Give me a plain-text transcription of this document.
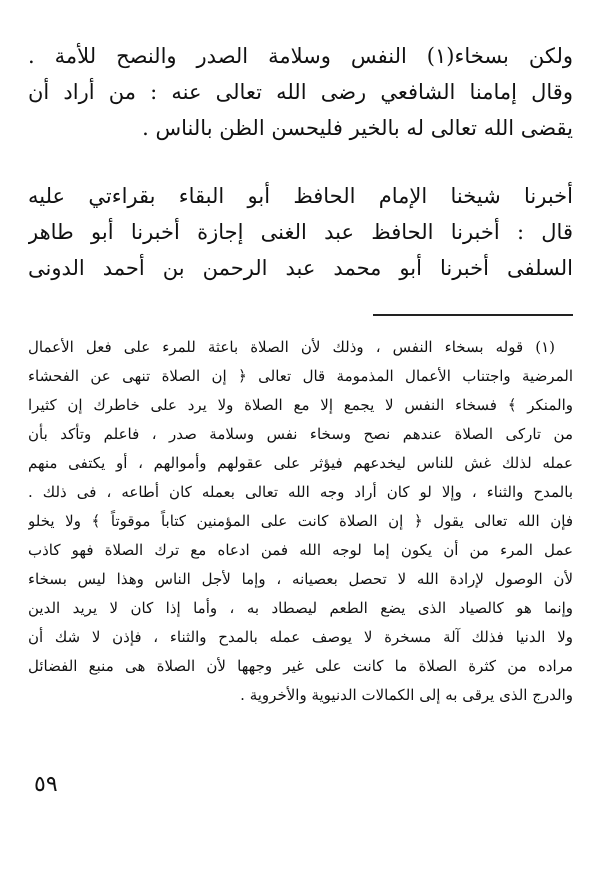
ولكن بسخاء(١) النفس وسلامة الصدر والنصح للأمة .
وقال إمامنا الشافعي رضى الله تعالى عنه : من أراد أن
يقضى الله تعالى له بالخير فليحسن الظن بالناس .
أخبرنا شيخنا الإمام الحافظ أبو البقاء بقراءتي عليه
قال : أخبرنا الحافظ عبد الغنى إجازة أخبرنا أبو طاهر
السلفى أخبرنا أبو محمد عبد الرحمن بن أحمد الدونى
(١) قوله بسخاء النفس ، وذلك لأن الصلاة باعثة للمرء على فعل الأعمال
المرضية واجتناب الأعمال المذمومة قال تعالى ﴿ إن الصلاة تنهى عن الفحشاء
والمنكر ﴾ فسخاء النفس لا يجمع إلا مع الصلاة ولا يرد على خاطرك إن كثيرا
من تاركى الصلاة عندهم نصح وسخاء نفس وسلامة صدر ، فاعلم وتأكد بأن
عمله لذلك غش للناس ليخدعهم فيؤثر على عقولهم وأموالهم ، أو يكتفى منهم
بالمدح والثناء ، وإلا لو كان أراد وجه الله تعالى بعمله كان أطاعه ، فى ذلك .
فإن الله تعالى يقول ﴿ إن الصلاة كانت على المؤمنين كتاباً موقوتاً ﴾ ولا يخلو
عمل المرء من أن يكون إما لوجه الله فمن ادعاه مع ترك الصلاة فهو كاذب
لأن الوصول لإرادة الله لا تحصل بعصيانه ، وإما لأجل الناس وهذا ليس بسخاء
وإنما هو كالصياد الذى يضع الطعم ليصطاد به ، وأما إذا كان لا يريد الدين
ولا الدنيا فذلك آلة مسخرة لا يوصف عمله بالمدح والثناء ، فإذن لا شك أن
مراده من كثرة الصلاة ما كانت على غير وجهها لأن الصلاة هى منبع الفضائل
والدرج الذى يرقى به إلى الكمالات الدنيوية والأخروية .
٥٩
